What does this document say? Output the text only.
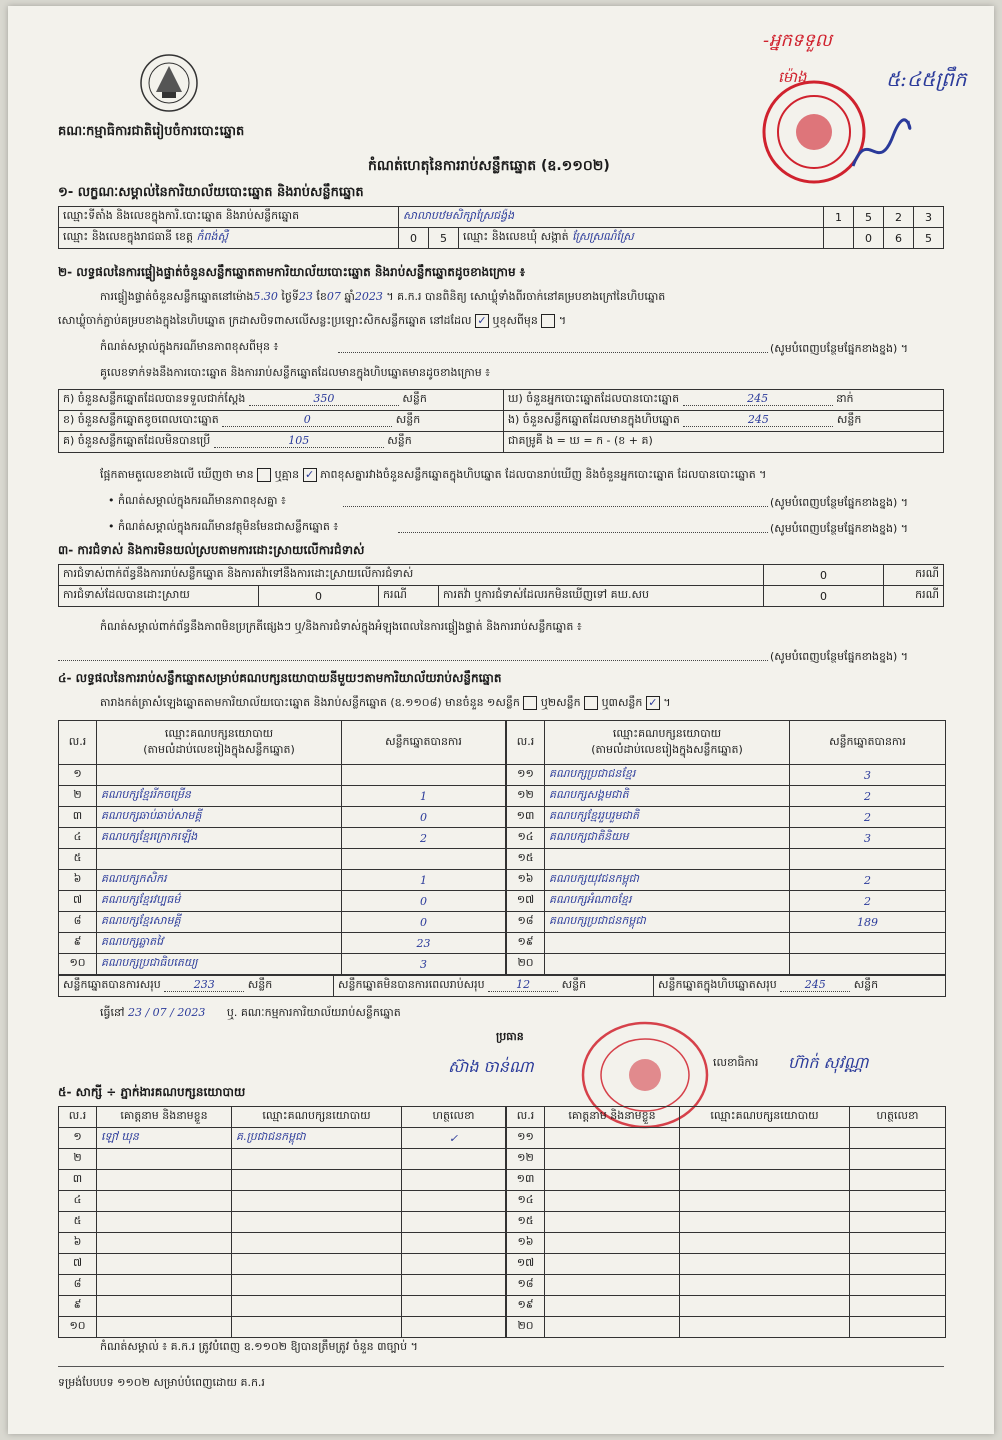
គណៈកម្មាធិការជាតិរៀបចំការបោះឆ្នោត
កំណត់ហេតុនៃការរាប់សន្លឹកឆ្នោត (ឧ.១១០២)
-អ្នកទទួល
ម៉ោង	៥:៤៥ព្រឹក
១- លក្ខណៈសម្គាល់នៃការិយាល័យបោះឆ្នោត និងរាប់សន្លឹកឆ្នោត
ឈ្មោះទីតាំង និងលេខក្នុងការិ.បោះឆ្នោត និងរាប់សន្លឹកឆ្នោត	សាលាបឋមសិក្សាស្រែជង្វ៉ង			1	5	2	3
ឈ្មោះ និងលេខក្នុងរាជធានី ខេត្ត កំពង់ស្ពឺ	0	5	ឈ្មោះ និងលេខឃុំ សង្កាត់ ស្រែស្រណំស្រែ		0	6	5
២- លទ្ធផលនៃការផ្ទៀងផ្ទាត់ចំនួនសន្លឹកឆ្នោតតាមការិយាល័យបោះឆ្នោត និងរាប់សន្លឹកឆ្នោតដូចខាងក្រោម ៖
ការផ្ទៀងផ្ទាត់ចំនួនសន្លឹកឆ្នោតនៅម៉ោង5.30 ថ្ងៃទី23 ខែ07 ឆ្នាំ2023 ។ គ.ក.រ បានពិនិត្យ សោឃ្លុំទាំងពីរចាក់នៅគម្របខាងក្រៅនៃហិបឆ្នោត
សោឃ្លុំចាក់ភ្ជាប់គម្របខាងក្នុងនៃហិបឆ្នោត ក្រដាសបិទពាសលើសន្លះប្រឡោះសិកសន្លឹកឆ្នោត នៅដដែល ✓ ឬខុសពីមុន  ។
កំណត់សម្គាល់ក្នុងករណីមានភាពខុសពីមុន ៖	(សូមបំពេញបន្ថែមផ្នែកខាងខ្នង) ។
គូលេខទាក់ទងនឹងការបោះឆ្នោត និងការរាប់សន្លឹកឆ្នោតដែលមានក្នុងហិបឆ្នោតមានដូចខាងក្រោម ៖
ក) ចំនួនសន្លឹកឆ្នោតដែលបានទទួលជាក់ស្តែង 350 សន្លឹក	ឃ) ចំនួនអ្នកបោះឆ្នោតដែលបានបោះឆ្នោត 245 នាក់
ខ) ចំនួនសន្លឹកឆ្នោតខូចពេលបោះឆ្នោត 0 សន្លឹក	ង) ចំនួនសន្លឹកឆ្នោតដែលមានក្នុងហិបឆ្នោត 245 សន្លឹក
គ) ចំនួនសន្លឹកឆ្នោតដែលមិនបានប្រើ 105 សន្លឹក	ជាគម្រូគឺ ង = ឃ = ក - (ខ + គ)
ផ្អែកតាមតួលេខខាងលើ ឃើញថា មាន ឬគ្មាន ✓ ភាពខុសគ្នារវាងចំនួនសន្លឹកឆ្នោតក្នុងហិបឆ្នោត ដែលបានរាប់ឃើញ និងចំនួនអ្នកបោះឆ្នោត ដែលបានបោះឆ្នោត ។
• កំណត់សម្គាល់ក្នុងករណីមានភាពខុសគ្នា ៖	(សូមបំពេញបន្ថែមផ្នែកខាងខ្នង) ។
• កំណត់សម្គាល់ក្នុងករណីមានវត្ថុមិនមែនជាសន្លឹកឆ្នោត ៖	(សូមបំពេញបន្ថែមផ្នែកខាងខ្នង) ។
៣- ការជំទាស់ និងការមិនយល់ស្របតាមការដោះស្រាយលើការជំទាស់
ការជំទាស់ពាក់ព័ន្ធនឹងការរាប់សន្លឹកឆ្នោត និងការតវ៉ាទៅនឹងការដោះស្រាយលើការជំទាស់				0	ករណី
ការជំទាស់ដែលបានដោះស្រាយ	0	ករណី	ការតវ៉ា ឬការជំទាស់ដែលរកមិនឃើញទៅ គឃ.សប	0	ករណី
កំណត់សម្គាល់ពាក់ព័ន្ធនឹងភាពមិនប្រក្រតីផ្សេងៗ ឬ/និងការជំទាស់ក្នុងអំឡុងពេលនៃការផ្ទៀងផ្ទាត់ និងការរាប់សន្លឹកឆ្នោត ៖
(សូមបំពេញបន្ថែមផ្នែកខាងខ្នង) ។
៤- លទ្ធផលនៃការរាប់សន្លឹកឆ្នោតសម្រាប់គណបក្សនយោបាយនីមួយៗតាមការិយាល័យរាប់សន្លឹកឆ្នោត
តារាងកត់ត្រាសំឡេងឆ្នោតតាមការិយាល័យបោះឆ្នោត និងរាប់សន្លឹកឆ្នោត (ឧ.១១០៨) មានចំនួន ១សន្លឹក ឬ២សន្លឹក ឬ៣សន្លឹក ✓ ។
ល.រ	ឈ្មោះគណបក្សនយោបាយ
(តាមលំដាប់លេខរៀងក្នុងសន្លឹកឆ្នោត)	សន្លឹកឆ្នោតបានការ
១		
២	គណបក្សខ្មែររីកចម្រើន	1
៣	គណបក្សឆាប់ឆាប់សាមគ្គី	0
៤	គណបក្សខ្មែរក្រោកឡើង	2
៥		
៦	គណបក្សកសិករ	1
៧	គណបក្សខ្មែរវប្បធម៌	0
៨	គណបក្សខ្មែរសាមគ្គី	0
៩	គណបក្សឆ្លាតវៃ	23
១០	គណបក្សប្រជាធិបតេយ្យ	3
ល.រ	ឈ្មោះគណបក្សនយោបាយ
(តាមលំដាប់លេខរៀងក្នុងសន្លឹកឆ្នោត)	សន្លឹកឆ្នោតបានការ
១១	គណបក្សប្រជាជនខ្មែរ	3
១២	គណបក្សសង្គមជាតិ	2
១៣	គណបក្សខ្មែររួបរួមជាតិ	2
១៤	គណបក្សជាតិនិយម	3
១៥		
១៦	គណបក្សយុវជនកម្ពុជា	2
១៧	គណបក្សអំណាចខ្មែរ	2
១៨	គណបក្សប្រជាជនកម្ពុជា	189
១៩		
២០		
សន្លឹកឆ្នោតបានការសរុប	233	សន្លឹក	សន្លឹកឆ្នោតមិនបានការពេលរាប់សរុប	12	សន្លឹក	សន្លឹកឆ្នោតក្នុងហិបឆ្នោតសរុប	245	សន្លឹក
ធ្វើនៅ 23 / 07 / 2023 ឬ. គណៈកម្មការការិយាល័យរាប់សន្លឹកឆ្នោត
ប្រធាន
ស៊ាង ចាន់ណា	លេខាធិការ ហ៊ាក់ សុវណ្ណា
៥- សាក្សី ÷ ភ្នាក់ងារគណបក្សនយោបាយ
ល.រ	គោត្តនាម និងនាមខ្លួន	ឈ្មោះគណបក្សនយោបាយ	ហត្ថលេខា
១	ឡៅ ឃុន	គ.ប្រជាជនកម្ពុជា	✓
២			
៣			
៤			
៥			
៦			
៧			
៨			
៩			
១០			
ល.រ	គោត្តនាម និងនាមខ្លួន	ឈ្មោះគណបក្សនយោបាយ	ហត្ថលេខា
១១			
១២			
១៣			
១៤			
១៥			
១៦			
១៧			
១៨			
១៩			
២០			
កំណត់សម្គាល់ ៖ គ.ក.រ ត្រូវបំពេញ ឧ.១១០២ ឱ្យបានត្រឹមត្រូវ ចំនួន ៣ច្បាប់ ។
ទម្រង់បែបបទ ១១០២ សម្រាប់បំពេញដោយ គ.ក.រ
